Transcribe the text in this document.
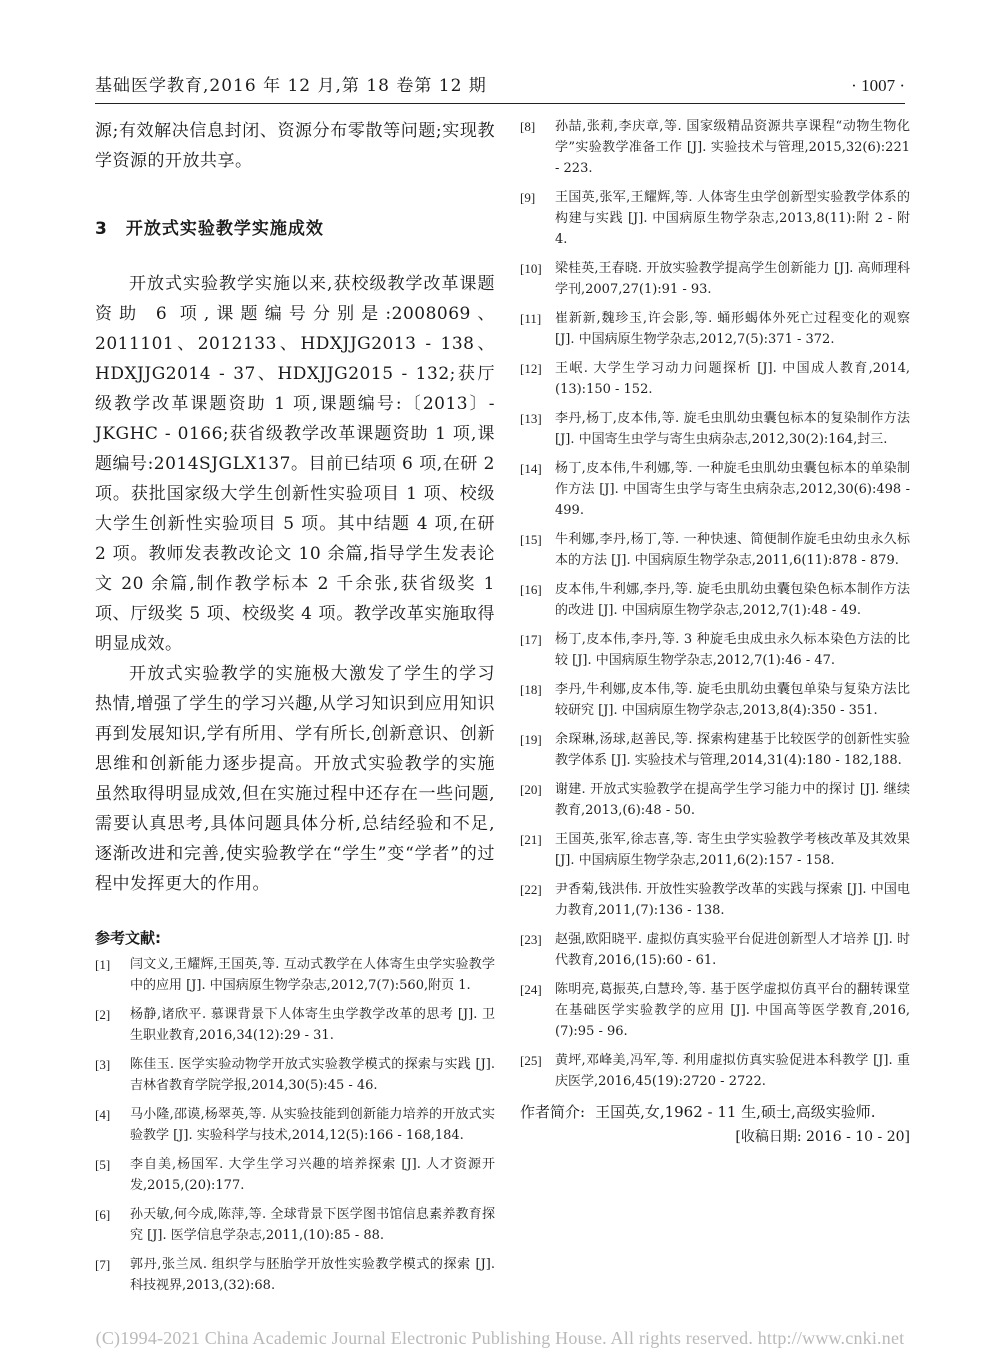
基础医学教育,2016 年 12 月,第 18 卷第 12 期	· 1007 ·

源;有效解决信息封闭、资源分布零散等问题;实现教学资源的开放共享。

3 开放式实验教学实施成效

开放式实验教学实施以来,获校级教学改革课题资助 6 项,课题编号分别是:2008069、2011101、2012133、HDXJJG2013 - 138、HDXJJG2014 - 37、HDXJJG2015 - 132;获厅级教学改革课题资助 1 项,课题编号:〔2013〕- JKGHC - 0166;获省级教学改革课题资助 1 项,课题编号:2014SJGLX137。目前已结项 6 项,在研 2 项。获批国家级大学生创新性实验项目 1 项、校级大学生创新性实验项目 5 项。其中结题 4 项,在研 2 项。教师发表教改论文 10 余篇,指导学生发表论文 20 余篇,制作教学标本 2 千余张,获省级奖 1 项、厅级奖 5 项、校级奖 4 项。教学改革实施取得明显成效。

开放式实验教学的实施极大激发了学生的学习热情,增强了学生的学习兴趣,从学习知识到应用知识再到发展知识,学有所用、学有所长,创新意识、创新思维和创新能力逐步提高。开放式实验教学的实施虽然取得明显成效,但在实施过程中还存在一些问题,需要认真思考,具体问题具体分析,总结经验和不足,逐渐改进和完善,使实验教学在“学生”变“学者”的过程中发挥更大的作用。

参考文献:
[1] 闫文义,王耀辉,王国英,等. 互动式教学在人体寄生虫学实验教学中的应用 [J]. 中国病原生物学杂志,2012,7(7):560,附页 1.
[2] 杨静,诸欣平. 慕课背景下人体寄生虫学教学改革的思考 [J]. 卫生职业教育,2016,34(12):29 - 31.
[3] 陈佳玉. 医学实验动物学开放式实验教学模式的探索与实践 [J]. 吉林省教育学院学报,2014,30(5):45 - 46.
[4] 马小隆,邵谟,杨翠英,等. 从实验技能到创新能力培养的开放式实验教学 [J]. 实验科学与技术,2014,12(5):166 - 168,184.
[5] 李自美,杨国军. 大学生学习兴趣的培养探索 [J]. 人才资源开发,2015,(20):177.
[6] 孙天敏,何今成,陈萍,等. 全球背景下医学图书馆信息素养教育探究 [J]. 医学信息学杂志,2011,(10):85 - 88.
[7] 郭丹,张兰凤. 组织学与胚胎学开放性实验教学模式的探索 [J]. 科技视界,2013,(32):68.
[8] 孙喆,张莉,李庆章,等. 国家级精品资源共享课程“动物生物化学”实验教学准备工作 [J]. 实验技术与管理,2015,32(6):221 - 223.
[9] 王国英,张军,王耀辉,等. 人体寄生虫学创新型实验教学体系的构建与实践 [J]. 中国病原生物学杂志,2013,8(11):附 2 - 附 4.
[10] 梁桂英,王春晓. 开放实验教学提高学生创新能力 [J]. 高师理科学刊,2007,27(1):91 - 93.
[11] 崔新新,魏珍玉,许会影,等. 蛹形蝎体外死亡过程变化的观察 [J]. 中国病原生物学杂志,2012,7(5):371 - 372.
[12] 王岷. 大学生学习动力问题探析 [J]. 中国成人教育,2014,(13):150 - 152.
[13] 李丹,杨丁,皮本伟,等. 旋毛虫肌幼虫囊包标本的复染制作方法 [J]. 中国寄生虫学与寄生虫病杂志,2012,30(2):164,封三.
[14] 杨丁,皮本伟,牛利娜,等. 一种旋毛虫肌幼虫囊包标本的单染制作方法 [J]. 中国寄生虫学与寄生虫病杂志,2012,30(6):498 - 499.
[15] 牛利娜,李丹,杨丁,等. 一种快速、简便制作旋毛虫幼虫永久标本的方法 [J]. 中国病原生物学杂志,2011,6(11):878 - 879.
[16] 皮本伟,牛利娜,李丹,等. 旋毛虫肌幼虫囊包染色标本制作方法的改进 [J]. 中国病原生物学杂志,2012,7(1):48 - 49.
[17] 杨丁,皮本伟,李丹,等. 3 种旋毛虫成虫永久标本染色方法的比较 [J]. 中国病原生物学杂志,2012,7(1):46 - 47.
[18] 李丹,牛利娜,皮本伟,等. 旋毛虫肌幼虫囊包单染与复染方法比较研究 [J]. 中国病原生物学杂志,2013,8(4):350 - 351.
[19] 余琛琳,汤球,赵善民,等. 探索构建基于比较医学的创新性实验教学体系 [J]. 实验技术与管理,2014,31(4):180 - 182,188.
[20] 谢建. 开放式实验教学在提高学生学习能力中的探讨 [J]. 继续教育,2013,(6):48 - 50.
[21] 王国英,张军,徐志喜,等. 寄生虫学实验教学考核改革及其效果 [J]. 中国病原生物学杂志,2011,6(2):157 - 158.
[22] 尹香菊,钱洪伟. 开放性实验教学改革的实践与探索 [J]. 中国电力教育,2011,(7):136 - 138.
[23] 赵强,欧阳晓平. 虚拟仿真实验平台促进创新型人才培养 [J]. 时代教育,2016,(15):60 - 61.
[24] 陈明亮,葛振英,白慧玲,等. 基于医学虚拟仿真平台的翻转课堂在基础医学实验教学的应用 [J]. 中国高等医学教育,2016,(7):95 - 96.
[25] 黄坪,邓峰美,冯军,等. 利用虚拟仿真实验促进本科教学 [J]. 重庆医学,2016,45(19):2720 - 2722.
作者简介: 王国英,女,1962 - 11 生,硕士,高级实验师.
[收稿日期: 2016 - 10 - 20]
(C)1994-2021 China Academic Journal Electronic Publishing House. All rights reserved. http://www.cnki.net
